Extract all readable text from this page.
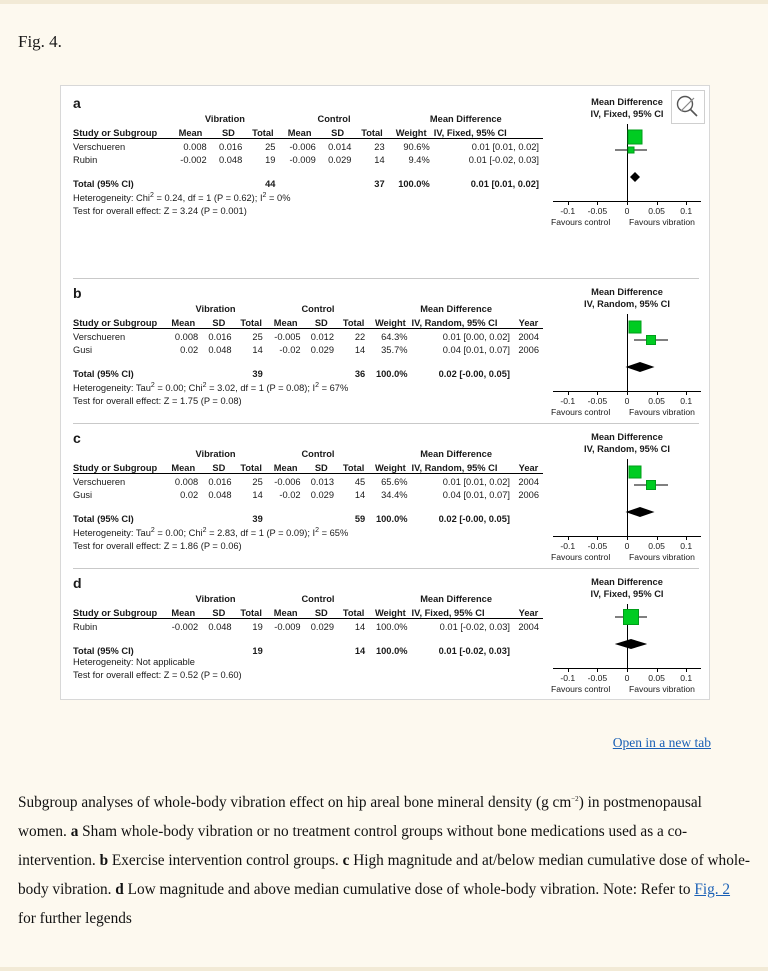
Fig. 4.
a
	Vibration			Control			Mean Difference	
Study or Subgroup	Mean	SD	Total	Mean	SD	Total	Weight	IV, Fixed, 95% CI
Verschueren	0.008	0.016	25	-0.006	0.014	23	90.6%	0.01 [0.01, 0.02]
Rubin	-0.002	0.048	19	-0.009	0.029	14	9.4%	0.01 [-0.02, 0.03]

Total (95% CI)			44			37	100.0%	0.01 [0.01, 0.02]
Heterogeneity: Chi$^2$ = 0.24, df = 1 (P = 0.62); $I^2 = 0\%$
Test for overall effect: Z = 3.24 (P = 0.001)
Mean Difference
IV, Fixed, 95% CI
-0.1 -0.05 0 0.05 0.1
Favours control Favours vibration
b
	Vibration			Control			Mean Difference		
Study or Subgroup	Mean	SD	Total	Mean	SD	Total	Weight	IV, Random, 95% CI	Year
Verschueren	0.008	0.016	25	-0.005	0.012	22	64.3%	0.01 [0.00, 0.02]	2004
Gusi	0.02	0.048	14	-0.02	0.029	14	35.7%	0.04 [0.01, 0.07]	2006

Total (95% CI)			39			36	100.0%	0.02 [-0.00, 0.05]	
Heterogeneity: Tau$^2$ = 0.00; Chi$^2$ = 3.02, df = 1 (P = 0.08); $I^2 = 67\%$
Test for overall effect: Z = 1.75 (P = 0.08)
Mean Difference
IV, Random, 95% CI
-0.1 -0.05 0 0.05 0.1
Favours control Favours vibration
c
	Vibration			Control			Mean Difference		
Study or Subgroup	Mean	SD	Total	Mean	SD	Total	Weight	IV, Random, 95% CI	Year
Verschueren	0.008	0.016	25	-0.006	0.013	45	65.6%	0.01 [0.01, 0.02]	2004
Gusi	0.02	0.048	14	-0.02	0.029	14	34.4%	0.04 [0.01, 0.07]	2006

Total (95% CI)			39			59	100.0%	0.02 [-0.00, 0.05]	
Heterogeneity: Tau$^2$ = 0.00; Chi$^2$ = 2.83, df = 1 (P = 0.09); $I^2 = 65\%$
Test for overall effect: Z = 1.86 (P = 0.06)
Mean Difference
IV, Random, 95% CI
-0.1 -0.05 0 0.05 0.1
Favours control Favours vibration
d
	Vibration			Control			Mean Difference		
Study or Subgroup	Mean	SD	Total	Mean	SD	Total	Weight	IV, Fixed, 95% CI	Year
Rubin	-0.002	0.048	19	-0.009	0.029	14	100.0%	0.01 [-0.02, 0.03]	2004

Total (95% CI)			19			14	100.0%	0.01 [-0.02, 0.03]	
Heterogeneity: Not applicable
Test for overall effect: Z = 0.52 (P = 0.60)
Mean Difference
IV, Fixed, 95% CI
-0.1 -0.05 0 0.05 0.1
Favours control Favours vibration
Open in a new tab
Subgroup analyses of whole-body vibration effect on hip areal bone mineral density (g $cm^{-2}$) in postmenopausal women. a Sham whole-body vibration or no treatment control groups without bone medications used as a co-intervention. b Exercise intervention control groups. c High magnitude and at/below median cumulative dose of whole-body vibration. d Low magnitude and above median cumulative dose of whole-body vibration. Note: Refer to Fig. 2 for further legends
